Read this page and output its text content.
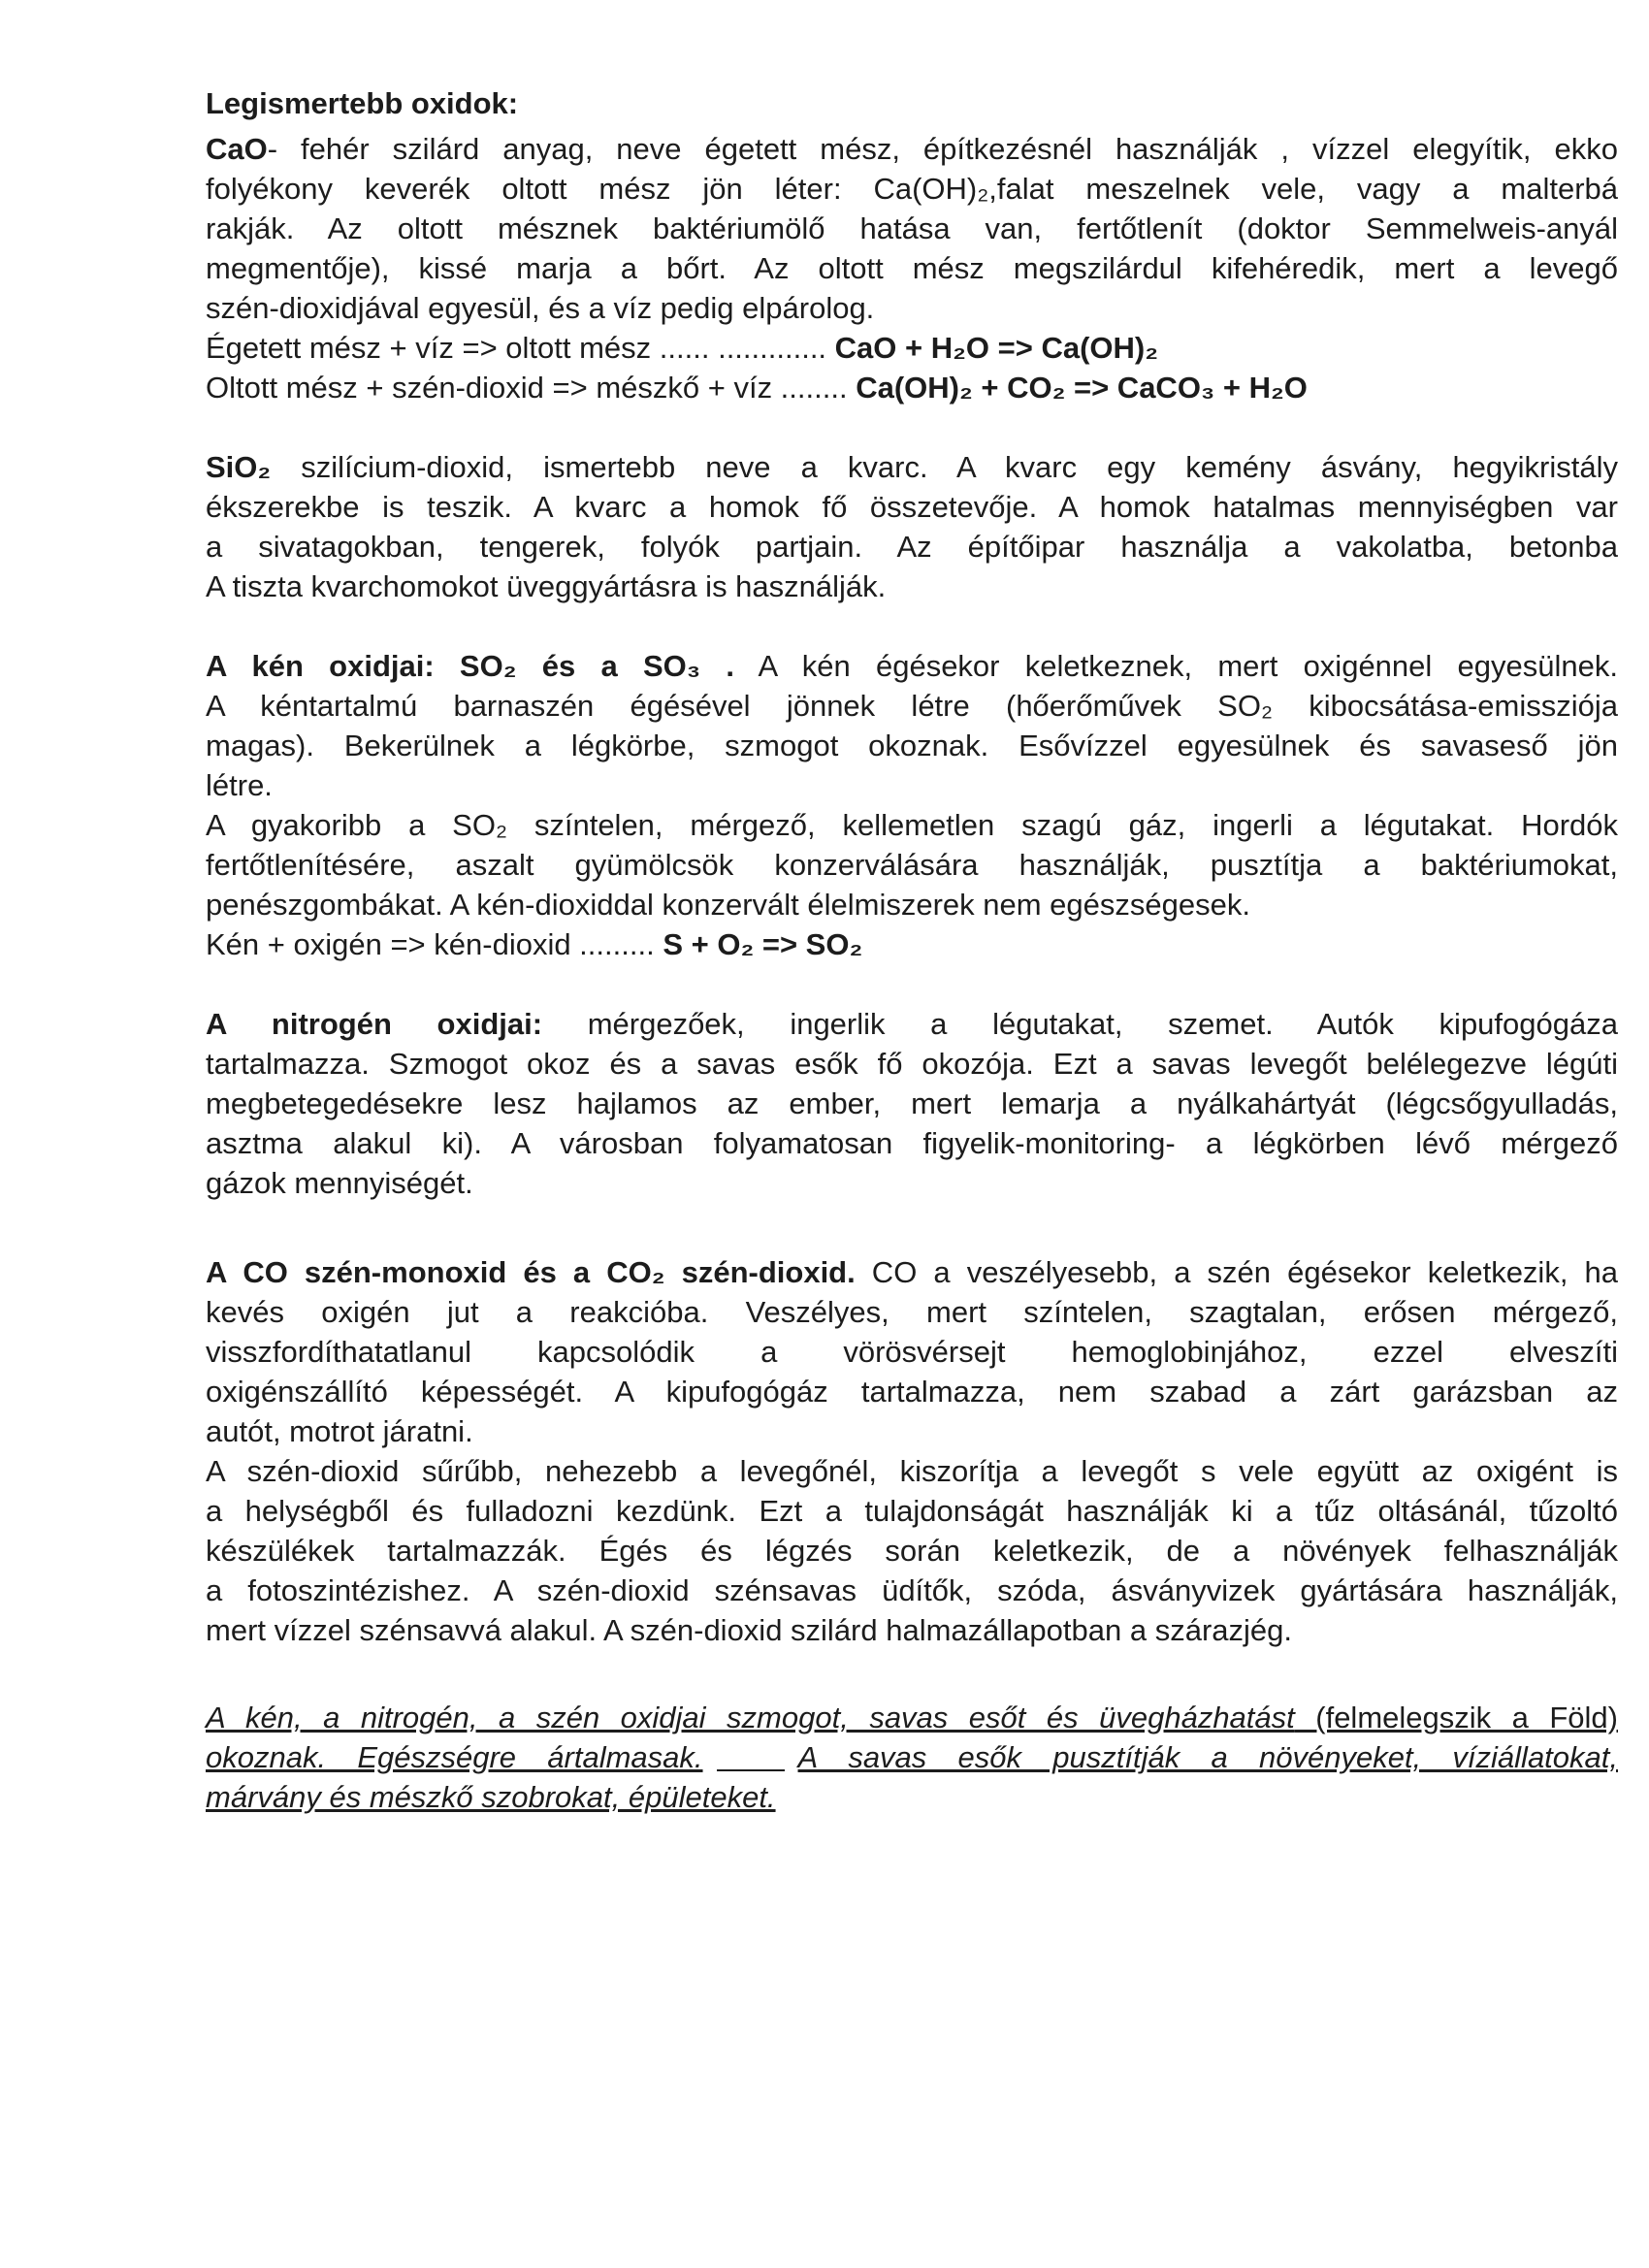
Legismertebb oxidok:

CaO- fehér szilárd anyag, neve égetett mész, építkezésnél használják , vízzel elegyítik, ekko

folyékony keverék oltott mész jön léter: Ca(OH)₂,falat meszelnek vele, vagy a malterbá

rakják. Az oltott mésznek baktériumölő hatása van, fertőtlenít (doktor Semmelweis-anyál

megmentője), kissé marja a bőrt. Az oltott mész megszilárdul kifehéredik, mert a levegő

szén-dioxidjával egyesül, és a víz pedig elpárolog.

Égetett mész + víz => oltott mész ...... ............. CaO + H₂O => Ca(OH)₂

Oltott mész + szén-dioxid => mészkő + víz ........ Ca(OH)₂ + CO₂ => CaCO₃ + H₂O

SiO₂ szilícium-dioxid, ismertebb neve a kvarc. A kvarc egy kemény ásvány, hegyikristály

ékszerekbe is teszik. A kvarc a homok fő összetevője. A homok hatalmas mennyiségben var

a sivatagokban, tengerek, folyók partjain. Az építőipar használja a vakolatba, betonba

A tiszta kvarchomokot üveggyártásra is használják.

A kén oxidjai: SO₂ és a SO₃ . A kén égésekor keletkeznek, mert oxigénnel egyesülnek.

A kéntartalmú barnaszén égésével jönnek létre (hőerőművek SO₂ kibocsátása-emissziója

magas). Bekerülnek a légkörbe, szmogot okoznak. Esővízzel egyesülnek és savaseső jön

létre.

A gyakoribb a SO₂ színtelen, mérgező, kellemetlen szagú gáz, ingerli a légutakat. Hordók

fertőtlenítésére, aszalt gyümölcsök konzerválására használják, pusztítja a baktériumokat,

penészgombákat. A kén-dioxiddal konzervált élelmiszerek nem egészségesek.

Kén + oxigén => kén-dioxid ......... S + O₂ => SO₂

A nitrogén oxidjai: mérgezőek, ingerlik a légutakat, szemet. Autók kipufogógáza

tartalmazza. Szmogot okoz és a savas esők fő okozója. Ezt a savas levegőt belélegezve légúti

megbetegedésekre lesz hajlamos az ember, mert lemarja a nyálkahártyát (légcsőgyulladás,

asztma alakul ki). A városban folyamatosan figyelik-monitoring- a légkörben lévő mérgező

gázok mennyiségét.

A CO szén-monoxid és a CO₂ szén-dioxid. CO a veszélyesebb, a szén égésekor keletkezik, ha

kevés oxigén jut a reakcióba. Veszélyes, mert színtelen, szagtalan, erősen mérgező,

visszfordíthatatlanul kapcsolódik a vörösvérsejt hemoglobinjához, ezzel elveszíti

oxigénszállító képességét. A kipufogógáz tartalmazza, nem szabad a zárt garázsban az

autót, motrot járatni.

A szén-dioxid sűrűbb, nehezebb a levegőnél, kiszorítja a levegőt s vele együtt az oxigént is

a helységből és fulladozni kezdünk. Ezt a tulajdonságát használják ki a tűz oltásánál, tűzoltó

készülékek tartalmazzák. Égés és légzés során keletkezik, de a növények felhasználják

a fotoszintézishez. A szén-dioxid szénsavas üdítők, szóda, ásványvizek gyártására használják,

mert vízzel szénsavvá alakul. A szén-dioxid szilárd halmazállapotban a szárazjég.

A kén, a nitrogén, a szén oxidjai szmogot, savas esőt és üvegházhatást (felmelegszik a Föld)

okoznak. Egészségre ártalmasak.	A savas esők pusztítják a növényeket, víziállatokat,

márvány és mészkő szobrokat, épületeket.
